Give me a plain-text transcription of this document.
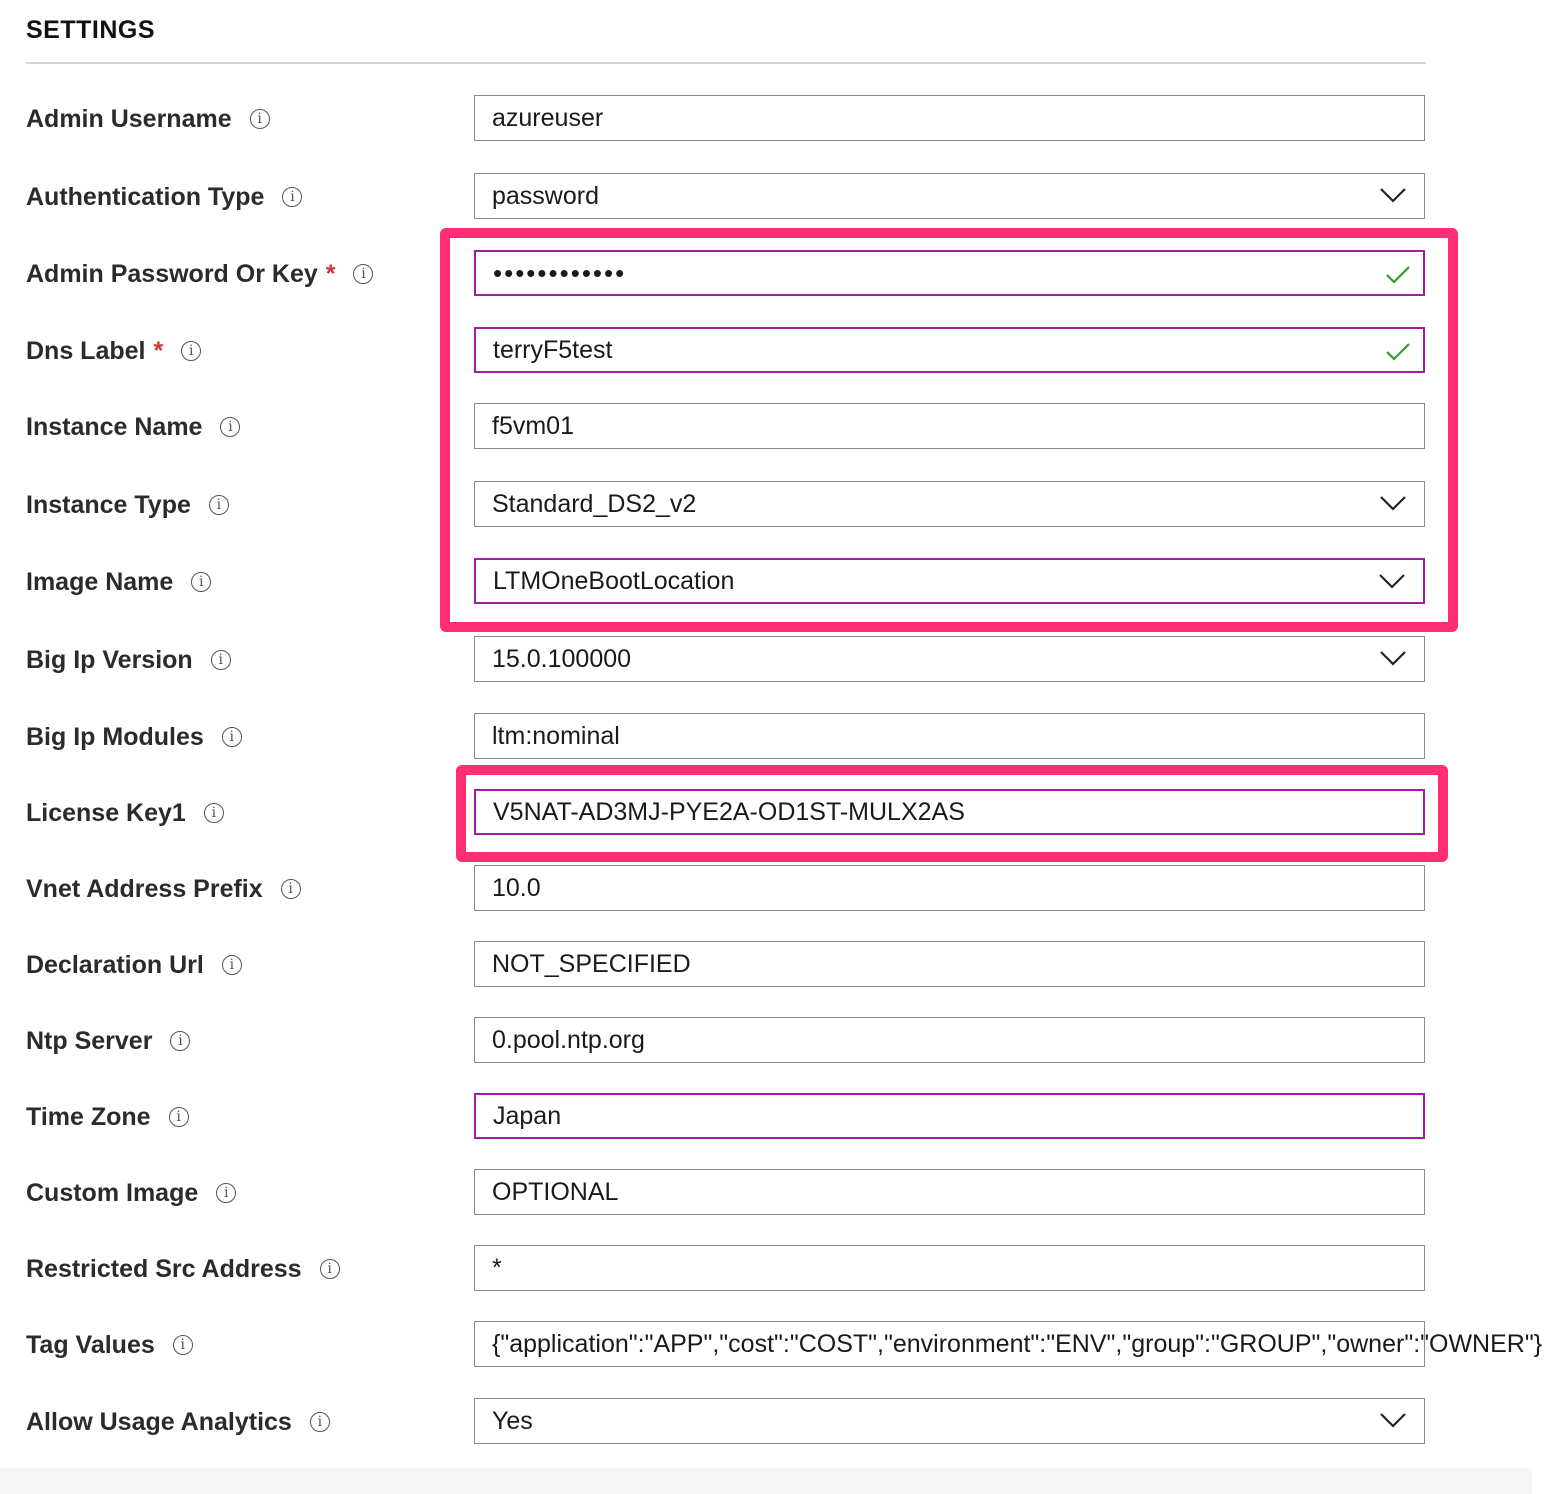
SETTINGS
Admin Username	i	azureuser
Authentication Type	i	password
Admin Password Or Key *	i	••••••••••••
Dns Label *	i	terryF5test
Instance Name	i	f5vm01
Instance Type	i	Standard_DS2_v2
Image Name	i	LTMOneBootLocation
Big Ip Version	i	15.0.100000
Big Ip Modules	i	ltm:nominal
License Key1	i	V5NAT-AD3MJ-PYE2A-OD1ST-MULX2AS
Vnet Address Prefix	i	10.0
Declaration Url	i	NOT_SPECIFIED
Ntp Server	i	0.pool.ntp.org
Time Zone	i	Japan
Custom Image	i	OPTIONAL
Restricted Src Address	i	*
Tag Values	i	{"application":"APP","cost":"COST","environment":"ENV","group":"GROUP","owner":"OWNER"}
Allow Usage Analytics	i	Yes
